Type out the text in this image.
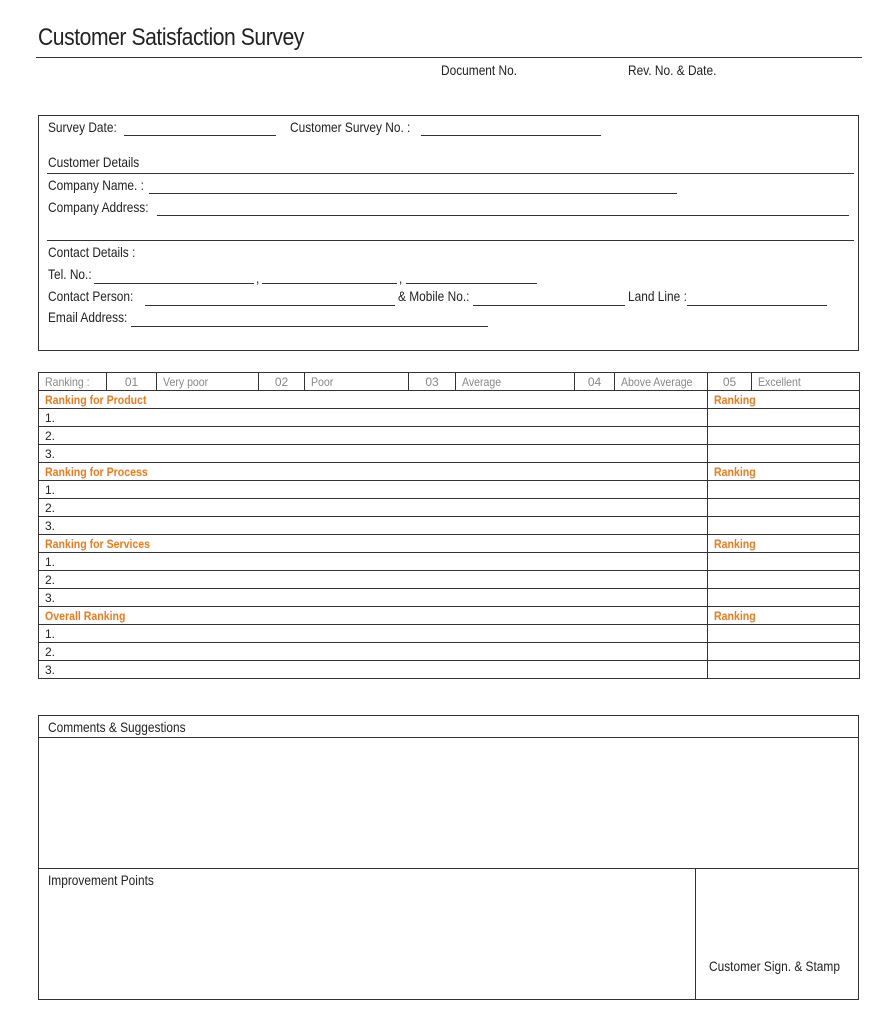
Customer Satisfaction Survey
Document No.	Rev. No. & Date.
Survey Date:	Customer Survey No. :
Customer Details
Company Name. :
Company Address:
Contact Details :
Tel. No.:	,	,
Contact Person:	& Mobile No.:	Land Line :
Email Address:
Ranking :	01	Very poor	02	Poor	03	Average	04	Above Average	05	Excellent
Ranking for Product									Ranking	
1.										
2.										
3.										
Ranking for Process									Ranking	
1.										
2.										
3.										
Ranking for Services									Ranking	
1.										
2.										
3.										
Overall Ranking									Ranking	
1.										
2.										
3.										
Comments & Suggestions
Improvement Points
Customer Sign. & Stamp
